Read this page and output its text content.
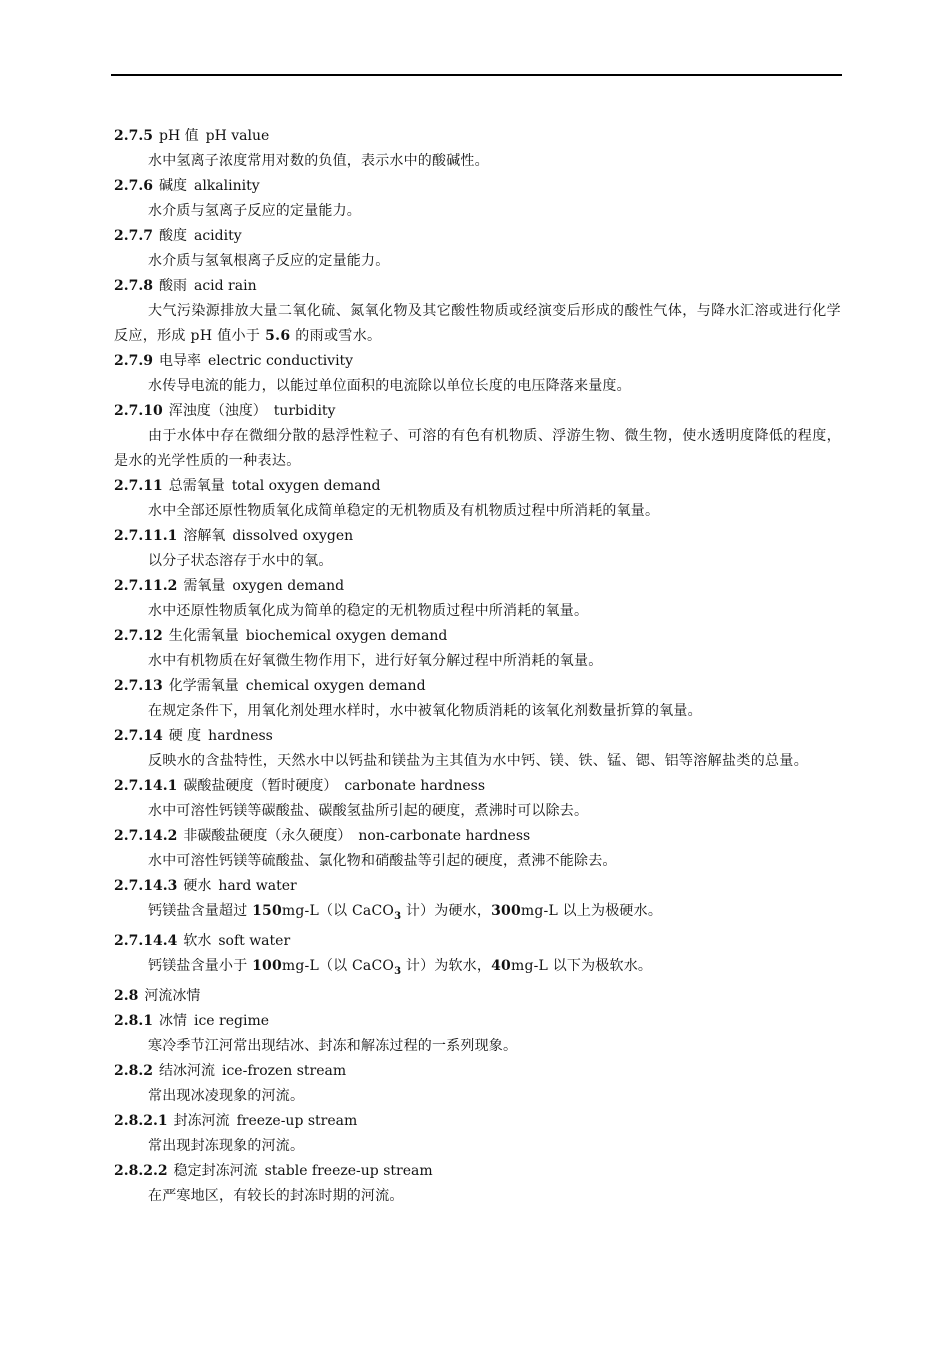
2.7.5 pH 值 pH value

水中氢离子浓度常用对数的负值，表示水中的酸碱性。

2.7.6 碱度 alkalinity

水介质与氢离子反应的定量能力。

2.7.7 酸度 acidity

水介质与氢氧根离子反应的定量能力。

2.7.8 酸雨 acid rain

大气污染源排放大量二氧化硫、氮氧化物及其它酸性物质或经演变后形成的酸性气体，与降水汇溶或进行化学反应，形成 pH 值小于 5.6 的雨或雪水。

2.7.9 电导率 electric conductivity

水传导电流的能力，以能过单位面积的电流除以单位长度的电压降落来量度。

2.7.10 浑浊度（浊度） turbidity

由于水体中存在微细分散的悬浮性粒子、可溶的有色有机物质、浮游生物、微生物，使水透明度降低的程度，是水的光学性质的一种表达。

2.7.11 总需氧量 total oxygen demand

水中全部还原性物质氧化成简单稳定的无机物质及有机物质过程中所消耗的氧量。

2.7.11.1 溶解氧 dissolved oxygen

以分子状态溶存于水中的氧。

2.7.11.2 需氧量 oxygen demand

水中还原性物质氧化成为简单的稳定的无机物质过程中所消耗的氧量。

2.7.12 生化需氧量 biochemical oxygen demand

水中有机物质在好氧微生物作用下，进行好氧分解过程中所消耗的氧量。

2.7.13 化学需氧量 chemical oxygen demand

在规定条件下，用氧化剂处理水样时，水中被氧化物质消耗的该氧化剂数量折算的氧量。

2.7.14 硬 度 hardness

反映水的含盐特性，天然水中以钙盐和镁盐为主其值为水中钙、镁、铁、锰、锶、铝等溶解盐类的总量。

2.7.14.1 碳酸盐硬度（暂时硬度） carbonate hardness

水中可溶性钙镁等碳酸盐、碳酸氢盐所引起的硬度，煮沸时可以除去。

2.7.14.2 非碳酸盐硬度（永久硬度） non-carbonate hardness

水中可溶性钙镁等硫酸盐、氯化物和硝酸盐等引起的硬度，煮沸不能除去。

2.7.14.3 硬水 hard water

钙镁盐含量超过 150mg-L（以 CaCO$_3$ 计）为硬水，300mg-L 以上为极硬水。

2.7.14.4 软水 soft water

钙镁盐含量小于 100mg-L（以 CaCO$_3$ 计）为软水，40mg-L 以下为极软水。

2.8 河流冰情
2.8.1 冰情 ice regime

寒冷季节江河常出现结冰、封冻和解冻过程的一系列现象。

2.8.2 结冰河流 ice-frozen stream

常出现冰凌现象的河流。

2.8.2.1 封冻河流 freeze-up stream

常出现封冻现象的河流。

2.8.2.2 稳定封冻河流 stable freeze-up stream

在严寒地区，有较长的封冻时期的河流。
